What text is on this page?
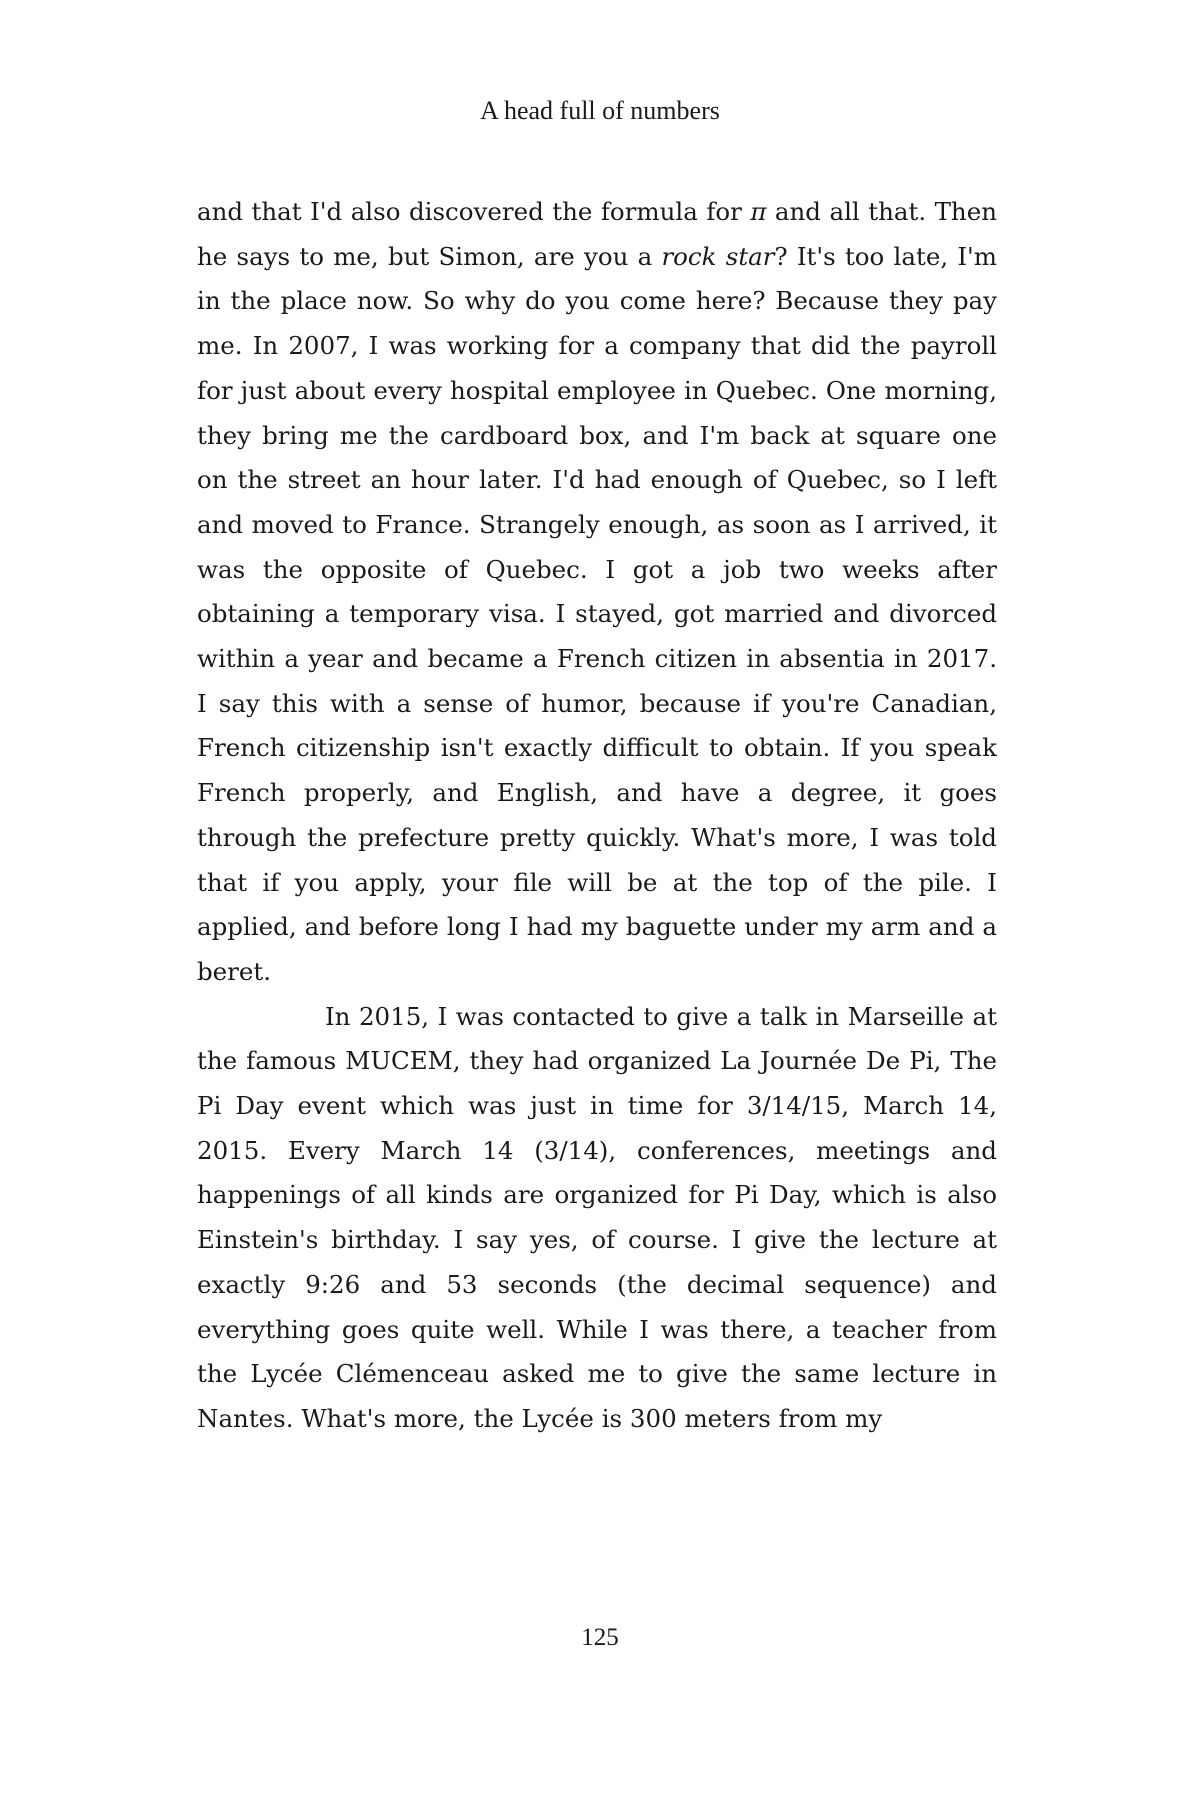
A head full of numbers

and that I'd also discovered the formula for π and all that. Then he says to me, but Simon, are you a rock star? It's too late, I'm in the place now. So why do you come here? Because they pay me. In 2007, I was working for a company that did the payroll for just about every hospital employee in Quebec. One morning, they bring me the cardboard box, and I'm back at square one on the street an hour later. I'd had enough of Quebec, so I left and moved to France. Strangely enough, as soon as I arrived, it was the opposite of Quebec. I got a job two weeks after obtaining a temporary visa. I stayed, got married and divorced within a year and became a French citizen in absentia in 2017. I say this with a sense of humor, because if you're Canadian, French citizenship isn't exactly difficult to obtain. If you speak French properly, and English, and have a degree, it goes through the prefecture pretty quickly. What's more, I was told that if you apply, your file will be at the top of the pile. I applied, and before long I had my baguette under my arm and a beret.

In 2015, I was contacted to give a talk in Marseille at the famous MUCEM, they had organized La Journée De Pi, The Pi Day event which was just in time for 3/14/15, March 14, 2015. Every March 14 (3/14), conferences, meetings and happenings of all kinds are organized for Pi Day, which is also Einstein's birthday. I say yes, of course. I give the lecture at exactly 9:26 and 53 seconds (the decimal sequence) and everything goes quite well. While I was there, a teacher from the Lycée Clémenceau asked me to give the same lecture in Nantes. What's more, the Lycée is 300 meters from my

125
